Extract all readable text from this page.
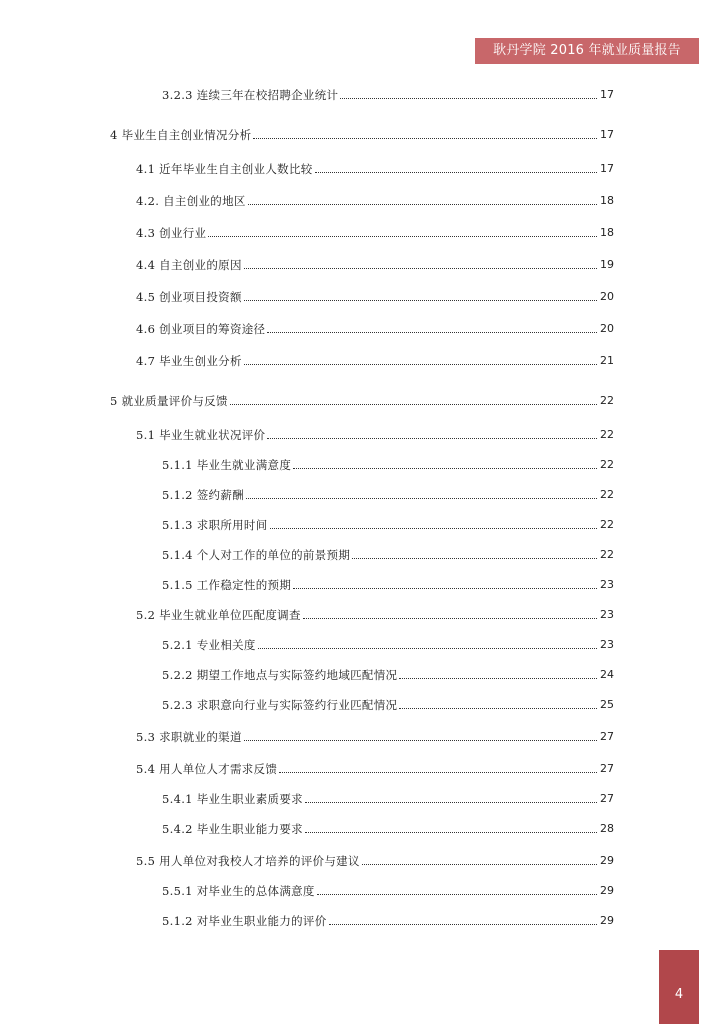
耿丹学院 2016 年就业质量报告
3.2.3 连续三年在校招聘企业统计	17
4 毕业生自主创业情况分析	17
4.1 近年毕业生自主创业人数比较	17
4.2. 自主创业的地区	18
4.3 创业行业	18
4.4 自主创业的原因	19
4.5 创业项目投资额	20
4.6 创业项目的筹资途径	20
4.7 毕业生创业分析	21
5 就业质量评价与反馈	22
5.1 毕业生就业状况评价	22
5.1.1 毕业生就业满意度	22
5.1.2 签约薪酬	22
5.1.3 求职所用时间	22
5.1.4 个人对工作的单位的前景预期	22
5.1.5 工作稳定性的预期	23
5.2 毕业生就业单位匹配度调查	23
5.2.1 专业相关度	23
5.2.2 期望工作地点与实际签约地域匹配情况	24
5.2.3 求职意向行业与实际签约行业匹配情况	25
5.3 求职就业的渠道	27
5.4 用人单位人才需求反馈	27
5.4.1 毕业生职业素质要求	27
5.4.2 毕业生职业能力要求	28
5.5 用人单位对我校人才培养的评价与建议	29
5.5.1 对毕业生的总体满意度	29
5.1.2 对毕业生职业能力的评价	29
4
